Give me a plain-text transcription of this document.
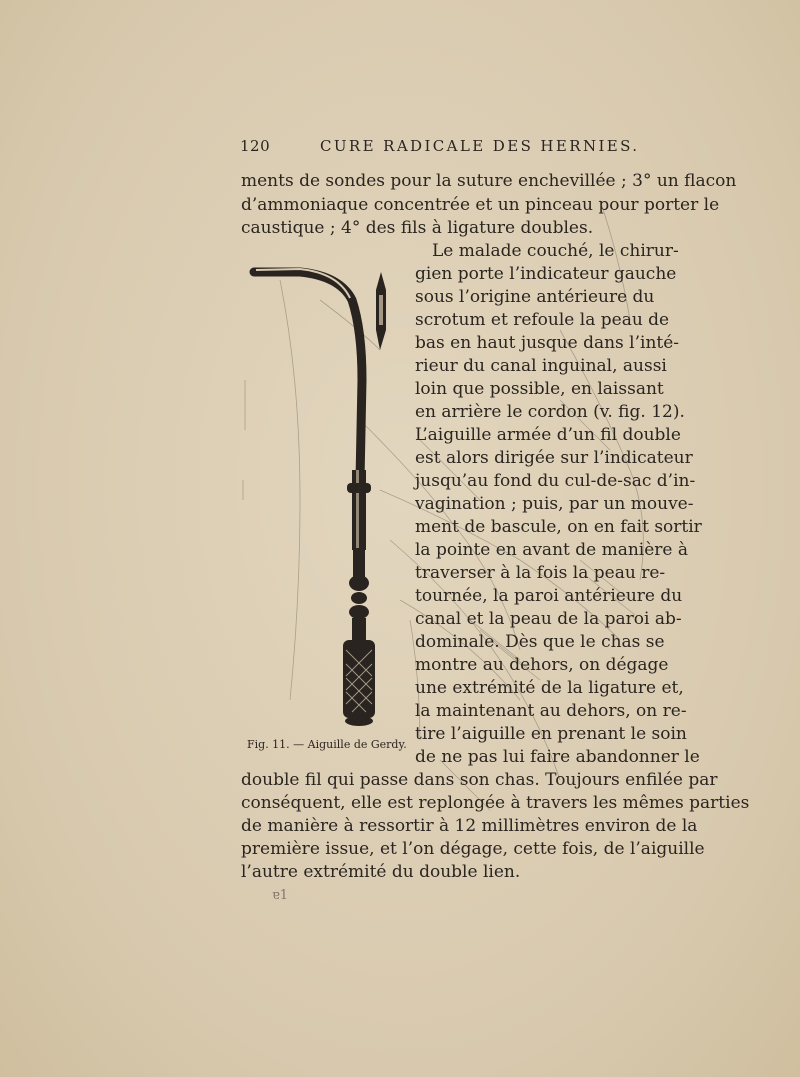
120	CURE RADICALE DES HERNIES.
ments de sondes pour la suture enchevillée ; 3° un flacon
d’ammoniaque concentrée et un pinceau pour porter le
caustique ; 4° des fils à ligature doubles.
Le malade couché, le chirur-
gien porte l’indicateur gauche
sous l’origine antérieure du
scrotum et refoule la peau de
bas en haut jusque dans l’inté-
rieur du canal inguinal, aussi
loin que possible, en laissant
en arrière le cordon (v. fig. 12).
L’aiguille armée d’un fil double
est alors dirigée sur l’indicateur
jusqu’au fond du cul-de-sac d’in-
vagination ; puis, par un mouve-
ment de bascule, on en fait sortir
la pointe en avant de manière à
traverser à la fois la peau re-
tournée, la paroi antérieure du
canal et la peau de la paroi ab-
dominale. Dès que le chas se
montre au dehors, on dégage
une extrémité de la ligature et,
la maintenant au dehors, on re-
tire l’aiguille en prenant le soin
de ne pas lui faire abandonner le
Fig. 11. — Aiguille de Gerdy.
double fil qui passe dans son chas. Toujours enfilée par
conséquent, elle est replongée à travers les mêmes parties
de manière à ressortir à 12 millimètres environ de la
première issue, et l’on dégage, cette fois, de l’aiguille
l’autre extrémité du double lien.
ɐ1
